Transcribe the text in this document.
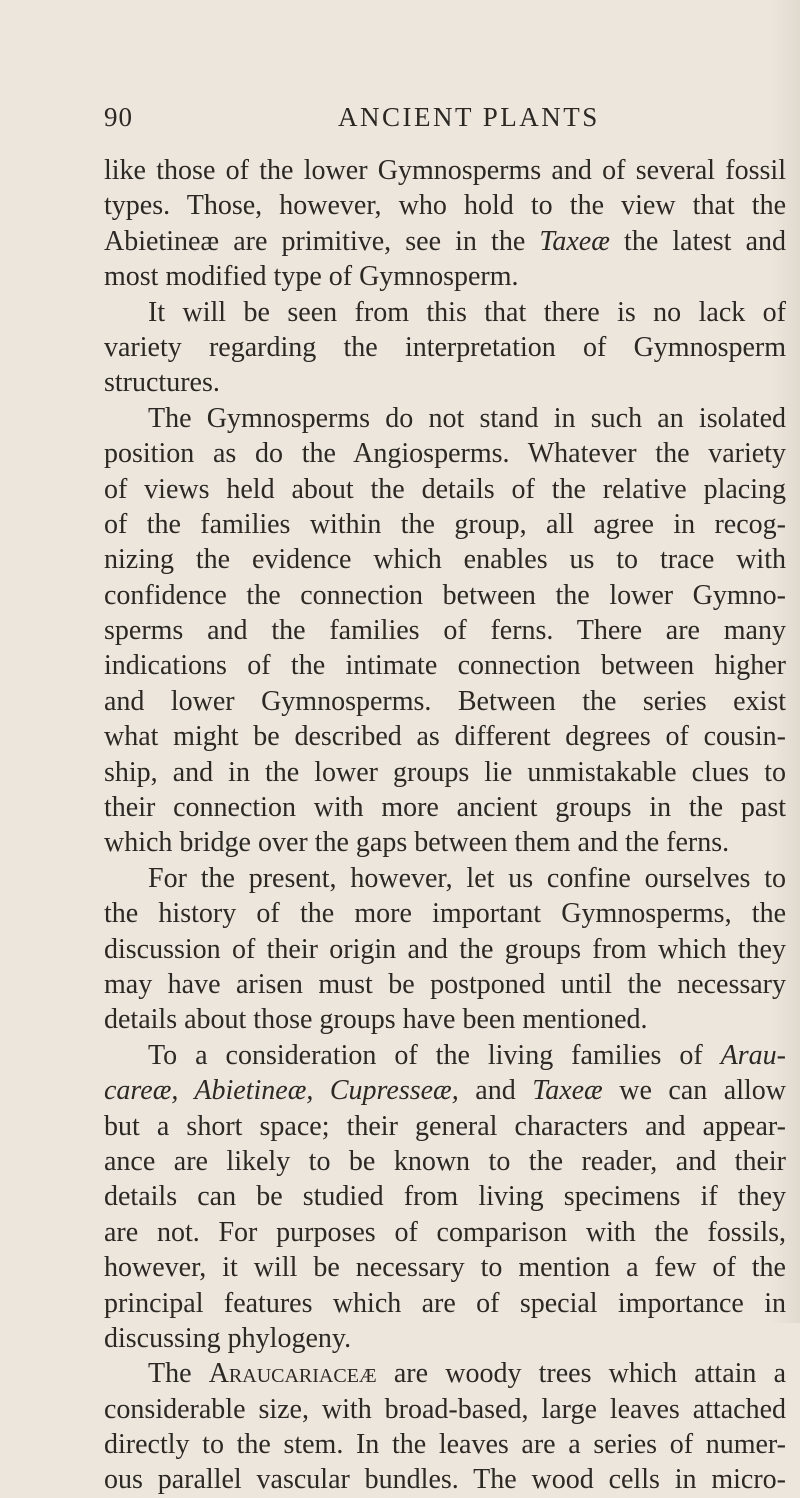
90	ANCIENT PLANTS
like those of the lower Gymnosperms and of several fossil
types. Those, however, who hold to the view that the
Abietineæ are primitive, see in the Taxeæ the latest and
most modified type of Gymnosperm.
It will be seen from this that there is no lack of
variety regarding the interpretation of Gymnosperm
structures.
The Gymnosperms do not stand in such an isolated
position as do the Angiosperms. Whatever the variety
of views held about the details of the relative placing
of the families within the group, all agree in recog-
nizing the evidence which enables us to trace with
confidence the connection between the lower Gymno-
sperms and the families of ferns. There are many
indications of the intimate connection between higher
and lower Gymnosperms. Between the series exist
what might be described as different degrees of cousin-
ship, and in the lower groups lie unmistakable clues to
their connection with more ancient groups in the past
which bridge over the gaps between them and the ferns.
For the present, however, let us confine ourselves to
the history of the more important Gymnosperms, the
discussion of their origin and the groups from which they
may have arisen must be postponed until the necessary
details about those groups have been mentioned.
To a consideration of the living families of Arau-
careæ, Abietineæ, Cupresseæ, and Taxeæ we can allow
but a short space; their general characters and appear-
ance are likely to be known to the reader, and their
details can be studied from living specimens if they
are not. For purposes of comparison with the fossils,
however, it will be necessary to mention a few of the
principal features which are of special importance in
discussing phylogeny.
The Araucariaceæ are woody trees which attain a
considerable size, with broad-based, large leaves attached
directly to the stem. In the leaves are a series of numer-
ous parallel vascular bundles. The wood cells in micro-
